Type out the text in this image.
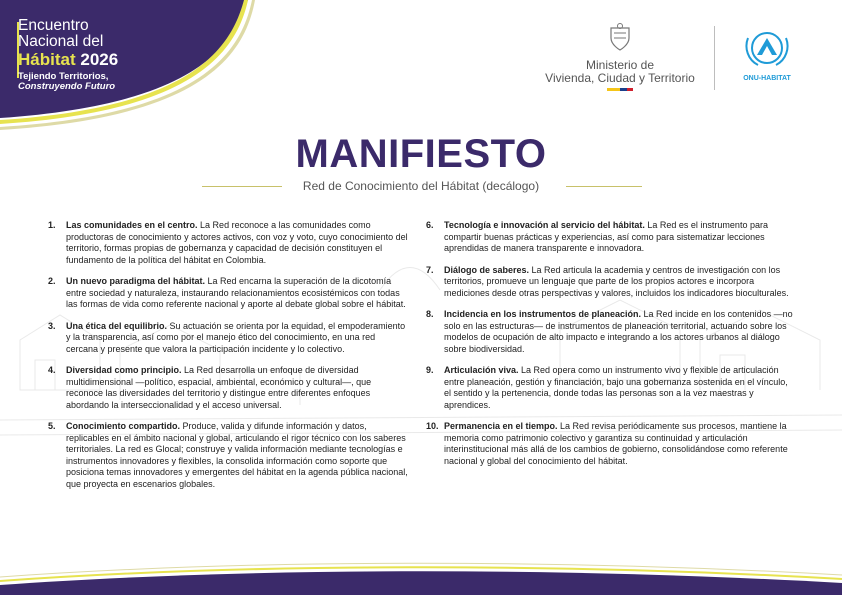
Encuentro
Nacional del
Hábitat 2026
Tejiendo Territorios,
Construyendo Futuro
Ministerio de
Vivienda, Ciudad y Territorio	ONU-HABITAT
MANIFIESTO
Red de Conocimiento del Hábitat (decálogo)
1.	Las comunidades en el centro. La Red reconoce a las comunidades como productoras de conocimiento y actores activos, con voz y voto, cuyo conocimiento del territorio, formas propias de gobernanza y capacidad de decisión constituyen el fundamento de la política del hábitat en Colombia.
2.	Un nuevo paradigma del hábitat. La Red encarna la superación de la dicotomía entre sociedad y naturaleza, instaurando relacionamientos ecosistémicos con todas las formas de vida como referente nacional y aporte al debate global sobre el hábitat.
3.	Una ética del equilibrio. Su actuación se orienta por la equidad, el empoderamiento y la transparencia, así como por el manejo ético del conocimiento, en una red cercana y presente que valora la participación incidente y lo colectivo.
4.	Diversidad como principio. La Red desarrolla un enfoque de diversidad multidimensional —político, espacial, ambiental, económico y cultural—, que reconoce las diversidades del territorio y distingue entre diferentes enfoques abordando la interseccionalidad y el acceso universal.
5.	Conocimiento compartido. Produce, valida y difunde información y datos, replicables en el ámbito nacional y global, articulando el rigor técnico con los saberes territoriales. La red es Glocal; construye y valida información mediante tecnologías e instrumentos innovadores y flexibles, la consolida información como soporte que posiciona temas innovadores y emergentes del hábitat en la agenda pública nacional, que proyecta en escenarios globales.
6.	Tecnología e innovación al servicio del hábitat. La Red es el instrumento para compartir buenas prácticas y experiencias, así como para sistematizar lecciones aprendidas de manera transparente e innovadora.
7.	Diálogo de saberes. La Red articula la academia y centros de investigación con los territorios, promueve un lenguaje que parte de los propios actores e incorpora mediciones desde otras perspectivas y valores, incluidos los indicadores bioculturales.
8.	Incidencia en los instrumentos de planeación. La Red incide en los contenidos —no solo en las estructuras— de instrumentos de planeación territorial, actuando sobre los modelos de ocupación de alto impacto e integrando a los actores urbanos al diálogo sobre biodiversidad.
9.	Articulación viva. La Red opera como un instrumento vivo y flexible de articulación entre planeación, gestión y financiación, bajo una gobernanza sostenida en el vínculo, el sentido y la pertenencia, donde todas las personas son a la vez maestras y aprendices.
10. Permanencia en el tiempo. La Red revisa periódicamente sus procesos, mantiene la memoria como patrimonio colectivo y garantiza su continuidad y articulación interinstitucional más allá de los cambios de gobierno, consolidándose como referente nacional y global del conocimiento del hábitat.
